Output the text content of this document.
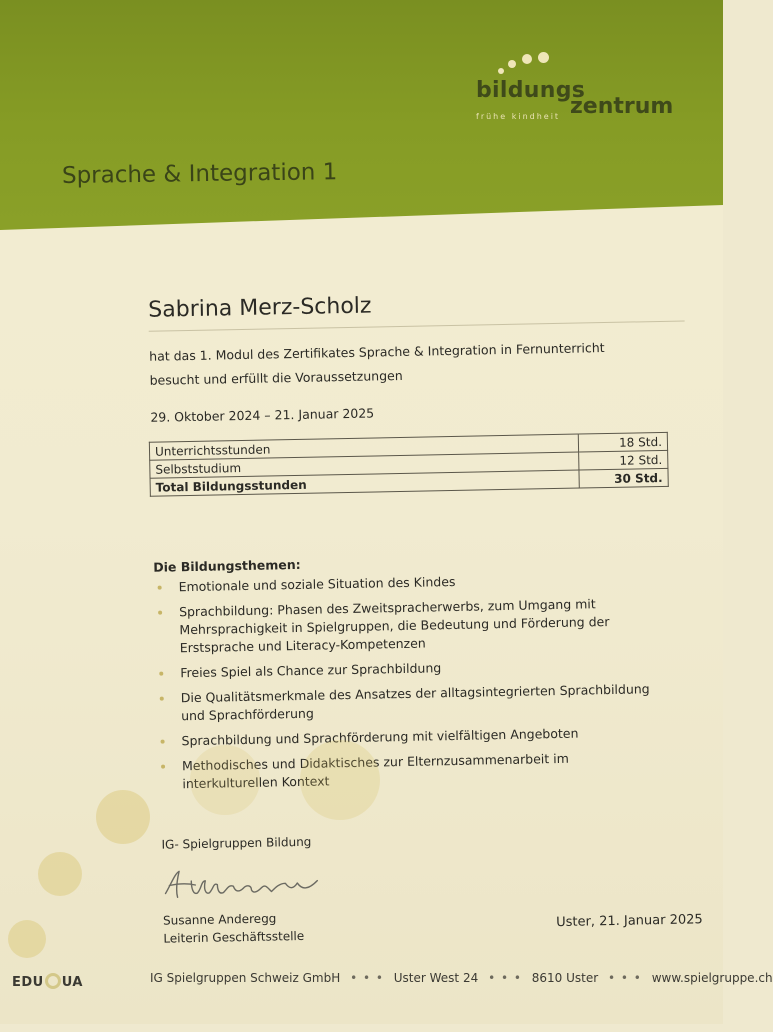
bildungs
zentrum
frühe kindheit
Sprache & Integration 1
Sabrina Merz-Scholz
hat das 1. Modul des Zertifikates Sprache & Integration in Fernunterricht
besucht und erfüllt die Voraussetzungen
29. Oktober 2024 – 21. Januar 2025
Unterrichtsstunden	18 Std.
Selbststudium	12 Std.
Total Bildungsstunden	30 Std.
Die Bildungsthemen:
Emotionale und soziale Situation des Kindes
Sprachbildung: Phasen des Zweitspracherwerbs, zum Umgang mit Mehrsprachigkeit in Spielgruppen, die Bedeutung und Förderung der Erstsprache und Literacy-Kompetenzen
Freies Spiel als Chance zur Sprachbildung
Die Qualitätsmerkmale des Ansatzes der alltagsintegrierten Sprachbildung und Sprachförderung
Sprachbildung und Sprachförderung mit vielfältigen Angeboten
Methodisches und Didaktisches zur Elternzusammenarbeit im interkulturellen Kontext
IG- Spielgruppen Bildung
Susanne Anderegg
Leiterin Geschäftsstelle
Uster, 21. Januar 2025
EDU UA	IG Spielgruppen Schweiz GmbH • • • Uster West 24 • • • 8610 Uster • • • www.spielgruppe.ch
